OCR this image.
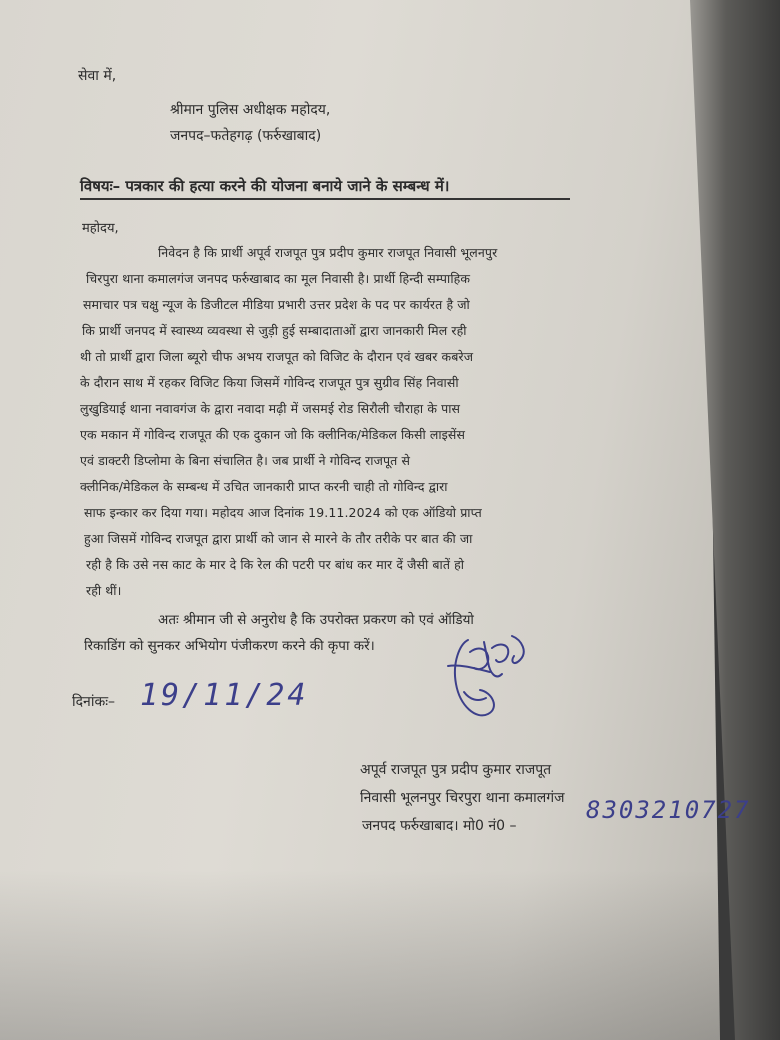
सेवा में,
श्रीमान पुलिस अधीक्षक महोदय,
जनपद–फतेहगढ़ (फर्रुखाबाद)
विषयः– पत्रकार की हत्या करने की योजना बनाये जाने के सम्बन्ध में।
महोदय,
निवेदन है कि प्रार्थी अपूर्व राजपूत पुत्र प्रदीप कुमार राजपूत निवासी भूलनपुर
चिरपुरा थाना कमालगंज जनपद फर्रुखाबाद का मूल निवासी है। प्रार्थी हिन्दी सम्पाहिक
समाचार पत्र चक्षु न्यूज के डिजीटल मीडिया प्रभारी उत्तर प्रदेश के पद पर कार्यरत है जो
कि प्रार्थी जनपद में स्वास्थ्य व्यवस्था से जुड़ी हुई सम्बादाताओं द्वारा जानकारी मिल रही
थी तो प्रार्थी द्वारा जिला ब्यूरो चीफ अभय राजपूत को विजिट के दौरान एवं खबर कबरेज
के दौरान साथ में रहकर विजिट किया जिसमें गोविन्द राजपूत पुत्र सुग्रीव सिंह निवासी
लुखुडियाई थाना नवावगंज के द्वारा नवादा मढ़ी में जसमई रोड सिरौली चौराहा के पास
एक मकान में गोविन्द राजपूत की एक दुकान जो कि क्लीनिक/मेडिकल किसी लाइसेंस
एवं डाक्टरी डिप्लोमा के बिना संचालित है। जब प्रार्थी ने गोविन्द राजपूत से
क्लीनिक/मेडिकल के सम्बन्ध में उचित जानकारी प्राप्त करनी चाही तो गोविन्द द्वारा
साफ इन्कार कर दिया गया। महोदय आज दिनांक 19.11.2024 को एक ऑडियो प्राप्त
हुआ जिसमें गोविन्द राजपूत द्वारा प्रार्थी को जान से मारने के तौर तरीके पर बात की जा
रही है कि उसे नस काट के मार दे कि रेल की पटरी पर बांध कर मार दें जैसी बातें हो
रही थीं।
अतः श्रीमान जी से अनुरोध है कि उपरोक्त प्रकरण को एवं ऑडियो
रिकाडिंग को सुनकर अभियोग पंजीकरण करने की कृपा करें।
दिनांकः– 19/11/24
अपूर्व राजपूत पुत्र प्रदीप कुमार राजपूत
निवासी भूलनपुर चिरपुरा थाना कमालगंज
जनपद फर्रुखाबाद। मो0 नं0 –
8303210727
